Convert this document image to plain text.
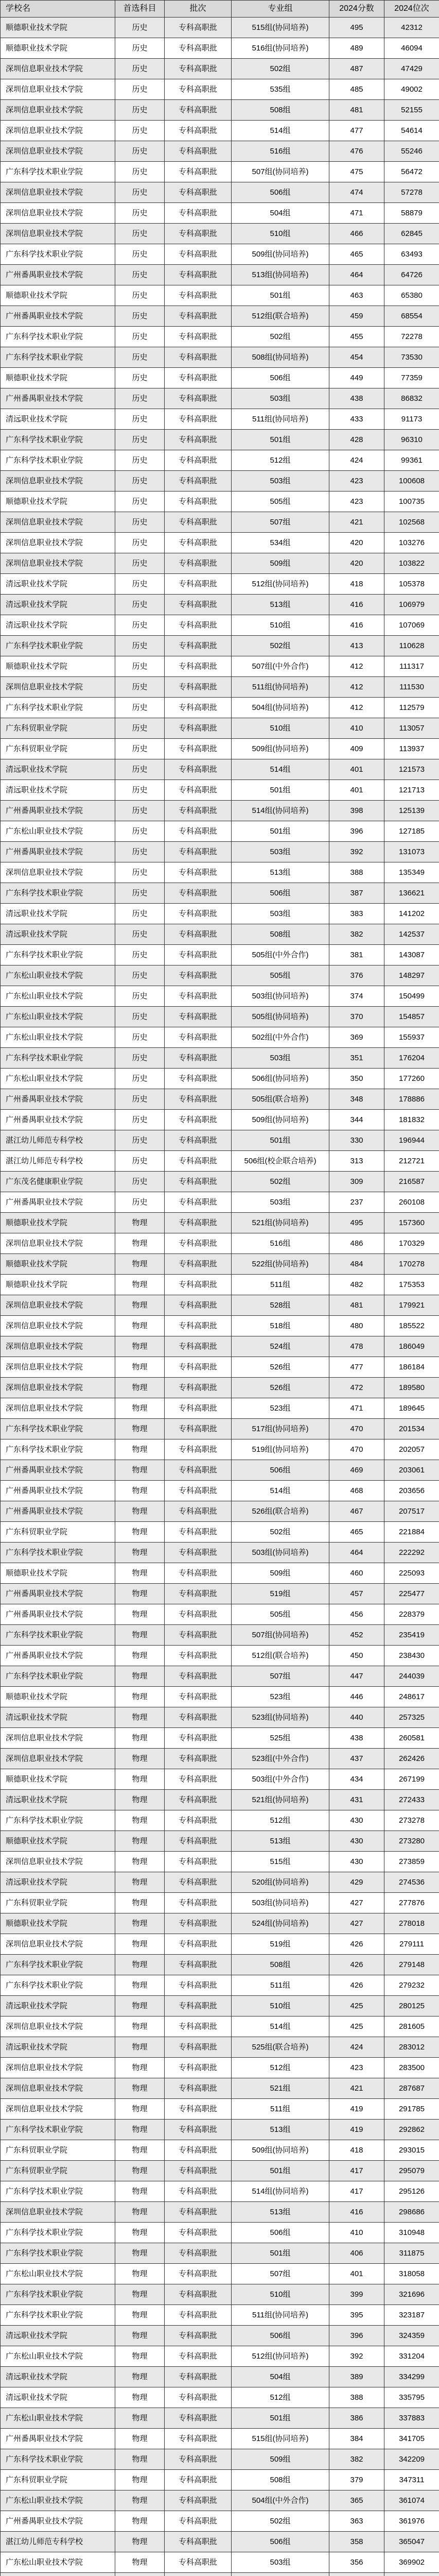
学校名	首选科目	批次	专业组	2024分数	2024位次
顺德职业技术学院	历史	专科高职批	515组(协同培养)	495	42312
顺德职业技术学院	历史	专科高职批	516组(协同培养)	489	46094
深圳信息职业技术学院	历史	专科高职批	502组	487	47429
深圳信息职业技术学院	历史	专科高职批	535组	485	49002
深圳信息职业技术学院	历史	专科高职批	508组	481	52155
深圳信息职业技术学院	历史	专科高职批	514组	477	54614
深圳信息职业技术学院	历史	专科高职批	516组	476	55246
广东科学技术职业学院	历史	专科高职批	507组(协同培养)	475	56472
深圳信息职业技术学院	历史	专科高职批	506组	474	57278
深圳信息职业技术学院	历史	专科高职批	504组	471	58879
深圳信息职业技术学院	历史	专科高职批	510组	466	62845
广东科学技术职业学院	历史	专科高职批	509组(协同培养)	465	63493
广州番禺职业技术学院	历史	专科高职批	513组(协同培养)	464	64726
顺德职业技术学院	历史	专科高职批	501组	463	65380
广州番禺职业技术学院	历史	专科高职批	512组(联合培养)	459	68554
广东科学技术职业学院	历史	专科高职批	502组	455	72278
广东科学技术职业学院	历史	专科高职批	508组(协同培养)	454	73530
顺德职业技术学院	历史	专科高职批	506组	449	77359
广州番禺职业技术学院	历史	专科高职批	503组	438	86832
清远职业技术学院	历史	专科高职批	511组(协同培养)	433	91173
广东科学技术职业学院	历史	专科高职批	501组	428	96310
广东科学技术职业学院	历史	专科高职批	512组	424	99361
深圳信息职业技术学院	历史	专科高职批	503组	423	100608
顺德职业技术学院	历史	专科高职批	505组	423	100735
深圳信息职业技术学院	历史	专科高职批	507组	421	102568
深圳信息职业技术学院	历史	专科高职批	534组	420	103276
深圳信息职业技术学院	历史	专科高职批	509组	420	103822
清远职业技术学院	历史	专科高职批	512组(协同培养)	418	105378
清远职业技术学院	历史	专科高职批	513组	416	106979
清远职业技术学院	历史	专科高职批	510组	416	107069
广东科学技术职业学院	历史	专科高职批	502组	413	110628
顺德职业技术学院	历史	专科高职批	507组(中外合作)	412	111317
深圳信息职业技术学院	历史	专科高职批	511组(协同培养)	412	111530
广东科学技术职业学院	历史	专科高职批	504组(协同培养)	412	112579
广东科贸职业学院	历史	专科高职批	510组	410	113057
广东科贸职业学院	历史	专科高职批	509组(协同培养)	409	113937
清远职业技术学院	历史	专科高职批	514组	401	121573
清远职业技术学院	历史	专科高职批	501组	401	121713
广州番禺职业技术学院	历史	专科高职批	514组(协同培养)	398	125139
广东松山职业技术学院	历史	专科高职批	501组	396	127185
广州番禺职业技术学院	历史	专科高职批	503组	392	131073
深圳信息职业技术学院	历史	专科高职批	513组	388	135349
广东科学技术职业学院	历史	专科高职批	506组	387	136621
清远职业技术学院	历史	专科高职批	503组	383	141202
清远职业技术学院	历史	专科高职批	508组	382	142537
广东科学技术职业学院	历史	专科高职批	505组(中外合作)	381	143087
广东松山职业技术学院	历史	专科高职批	505组	376	148297
广东松山职业技术学院	历史	专科高职批	503组(协同培养)	374	150499
广东松山职业技术学院	历史	专科高职批	505组(协同培养)	370	154857
广东松山职业技术学院	历史	专科高职批	502组(中外合作)	369	155937
广东科学技术职业学院	历史	专科高职批	503组	351	176204
广东松山职业技术学院	历史	专科高职批	506组(协同培养)	350	177260
广州番禺职业技术学院	历史	专科高职批	505组(联合培养)	348	178886
广州番禺职业技术学院	历史	专科高职批	509组(协同培养)	344	181832
湛江幼儿师范专科学校	历史	专科高职批	501组	330	196944
湛江幼儿师范专科学校	历史	专科高职批	506组(校企联合培养)	313	212721
广东茂名健康职业学院	历史	专科高职批	502组	309	216587
广州番禺职业技术学院	历史	专科高职批	503组	237	260108
顺德职业技术学院	物理	专科高职批	521组(协同培养)	495	157360
深圳信息职业技术学院	物理	专科高职批	516组	486	170329
顺德职业技术学院	物理	专科高职批	522组(协同培养)	484	170278
顺德职业技术学院	物理	专科高职批	511组	482	175353
深圳信息职业技术学院	物理	专科高职批	528组	481	179921
深圳信息职业技术学院	物理	专科高职批	518组	480	185522
深圳信息职业技术学院	物理	专科高职批	524组	478	186049
深圳信息职业技术学院	物理	专科高职批	526组	477	186184
深圳信息职业技术学院	物理	专科高职批	526组	472	189580
深圳信息职业技术学院	物理	专科高职批	523组	471	189645
广东科学技术职业学院	物理	专科高职批	517组(协同培养)	470	201534
广东科学技术职业学院	物理	专科高职批	519组(协同培养)	470	202057
广州番禺职业技术学院	物理	专科高职批	506组	469	203061
广州番禺职业技术学院	物理	专科高职批	514组	468	203656
广州番禺职业技术学院	物理	专科高职批	526组(联合培养)	467	207517
广东科贸职业学院	物理	专科高职批	502组	465	221884
广东科学技术职业学院	物理	专科高职批	503组(协同培养)	464	222292
顺德职业技术学院	物理	专科高职批	509组	460	225093
广州番禺职业技术学院	物理	专科高职批	519组	457	225477
广州番禺职业技术学院	物理	专科高职批	505组	456	228379
广东科学技术职业学院	物理	专科高职批	507组(协同培养)	452	235419
广州番禺职业技术学院	物理	专科高职批	512组(联合培养)	450	238430
广东科学技术职业学院	物理	专科高职批	507组	447	244039
顺德职业技术学院	物理	专科高职批	523组	446	248617
清远职业技术学院	物理	专科高职批	523组(协同培养)	440	257325
深圳信息职业技术学院	物理	专科高职批	525组	438	260581
深圳信息职业技术学院	物理	专科高职批	523组(中外合作)	437	262426
顺德职业技术学院	物理	专科高职批	503组(中外合作)	434	267199
清远职业技术学院	物理	专科高职批	521组(协同培养)	431	272433
广东科学技术职业学院	物理	专科高职批	512组	430	273278
顺德职业技术学院	物理	专科高职批	513组	430	273280
深圳信息职业技术学院	物理	专科高职批	515组	430	273859
清远职业技术学院	物理	专科高职批	520组(协同培养)	429	274536
广东科贸职业学院	物理	专科高职批	503组(协同培养)	427	277876
顺德职业技术学院	物理	专科高职批	524组(协同培养)	427	278018
深圳信息职业技术学院	物理	专科高职批	519组	426	279111
广东科学技术职业学院	物理	专科高职批	508组	426	279148
广东科学技术职业学院	物理	专科高职批	511组	426	279232
清远职业技术学院	物理	专科高职批	510组	425	280125
深圳信息职业技术学院	物理	专科高职批	514组	425	281605
清远职业技术学院	物理	专科高职批	525组(联合培养)	424	283012
深圳信息职业技术学院	物理	专科高职批	512组	423	283500
深圳信息职业技术学院	物理	专科高职批	521组	421	287687
深圳信息职业技术学院	物理	专科高职批	511组	419	291785
广东科学技术职业学院	物理	专科高职批	513组	419	292862
广东科贸职业学院	物理	专科高职批	509组(协同培养)	418	293015
广东科贸职业学院	物理	专科高职批	501组	417	295079
广东科学技术职业学院	物理	专科高职批	514组(协同培养)	417	295126
深圳信息职业技术学院	物理	专科高职批	513组	416	298686
广东科学技术职业学院	物理	专科高职批	506组	410	310948
广东科学技术职业学院	物理	专科高职批	501组	406	311875
广东松山职业技术学院	物理	专科高职批	507组	401	318058
广东科学技术职业学院	物理	专科高职批	510组	399	321696
广东科学技术职业学院	物理	专科高职批	511组(协同培养)	395	323187
清远职业技术学院	物理	专科高职批	506组	396	324359
广东松山职业技术学院	物理	专科高职批	512组(协同培养)	392	331204
清远职业技术学院	物理	专科高职批	504组	389	334299
清远职业技术学院	物理	专科高职批	512组	388	335795
广东松山职业技术学院	物理	专科高职批	501组	386	337883
广州番禺职业技术学院	物理	专科高职批	515组(协同培养)	384	341705
广东科学技术职业学院	物理	专科高职批	509组	382	342209
广东科贸职业学院	物理	专科高职批	508组	379	347311
广东松山职业技术学院	物理	专科高职批	504组(中外合作)	365	361074
广州番禺职业技术学院	物理	专科高职批	502组	363	361976
湛江幼儿师范专科学校	物理	专科高职批	506组	358	365047
广东松山职业技术学院	物理	专科高职批	503组	356	369902
